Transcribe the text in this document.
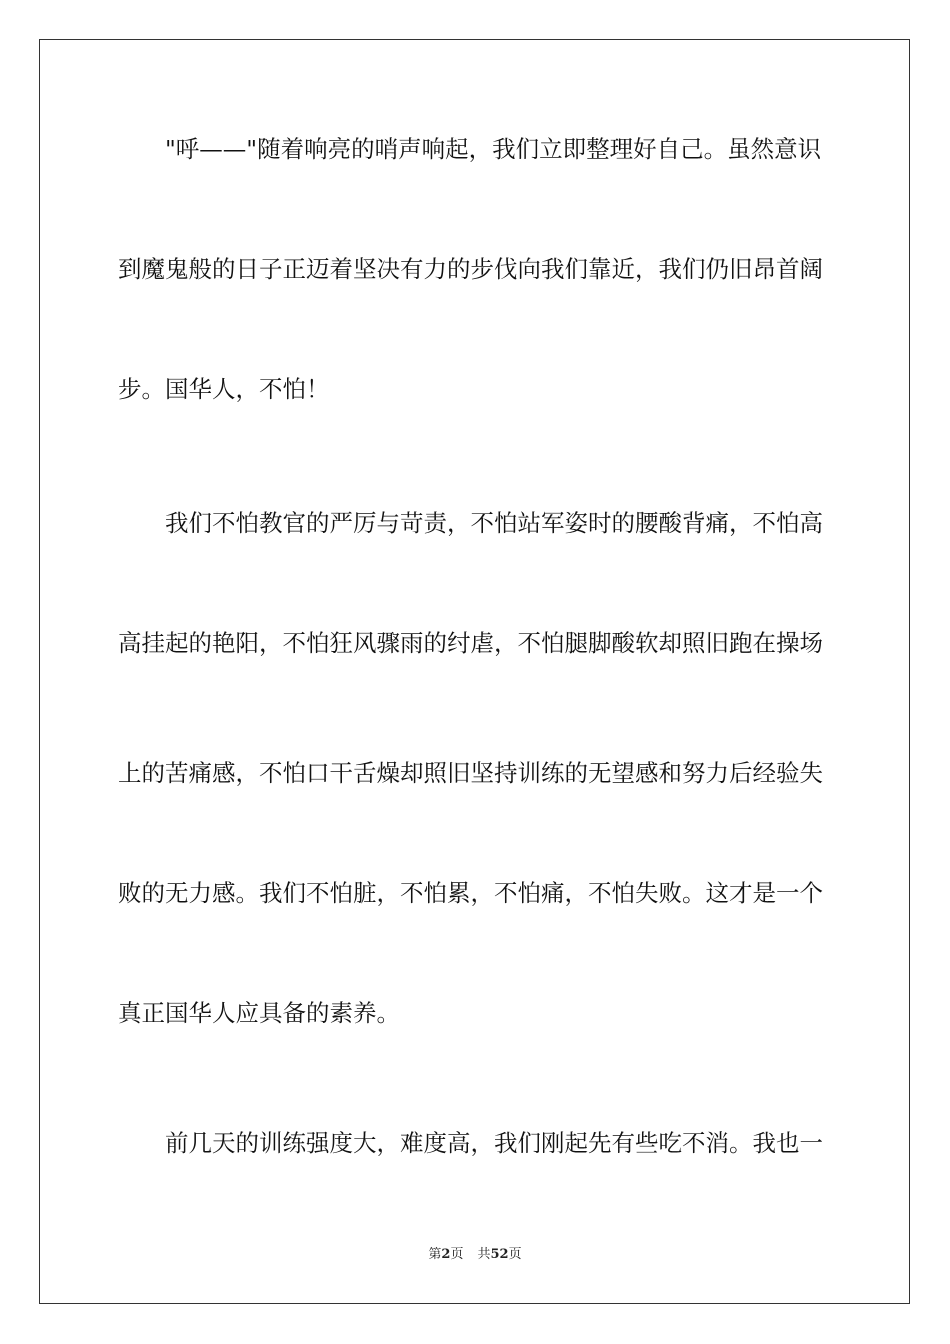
"呼——"随着响亮的哨声响起，我们立即整理好自己。虽然意识

到魔鬼般的日子正迈着坚决有力的步伐向我们靠近，我们仍旧昂首阔

步。国华人，不怕！

我们不怕教官的严厉与苛责，不怕站军姿时的腰酸背痛，不怕高

高挂起的艳阳，不怕狂风骤雨的纣虐，不怕腿脚酸软却照旧跑在操场

上的苦痛感，不怕口干舌燥却照旧坚持训练的无望感和努力后经验失

败的无力感。我们不怕脏，不怕累，不怕痛，不怕失败。这才是一个

真正国华人应具备的素养。

前几天的训练强度大，难度高，我们刚起先有些吃不消。我也一

第2页 共52页
